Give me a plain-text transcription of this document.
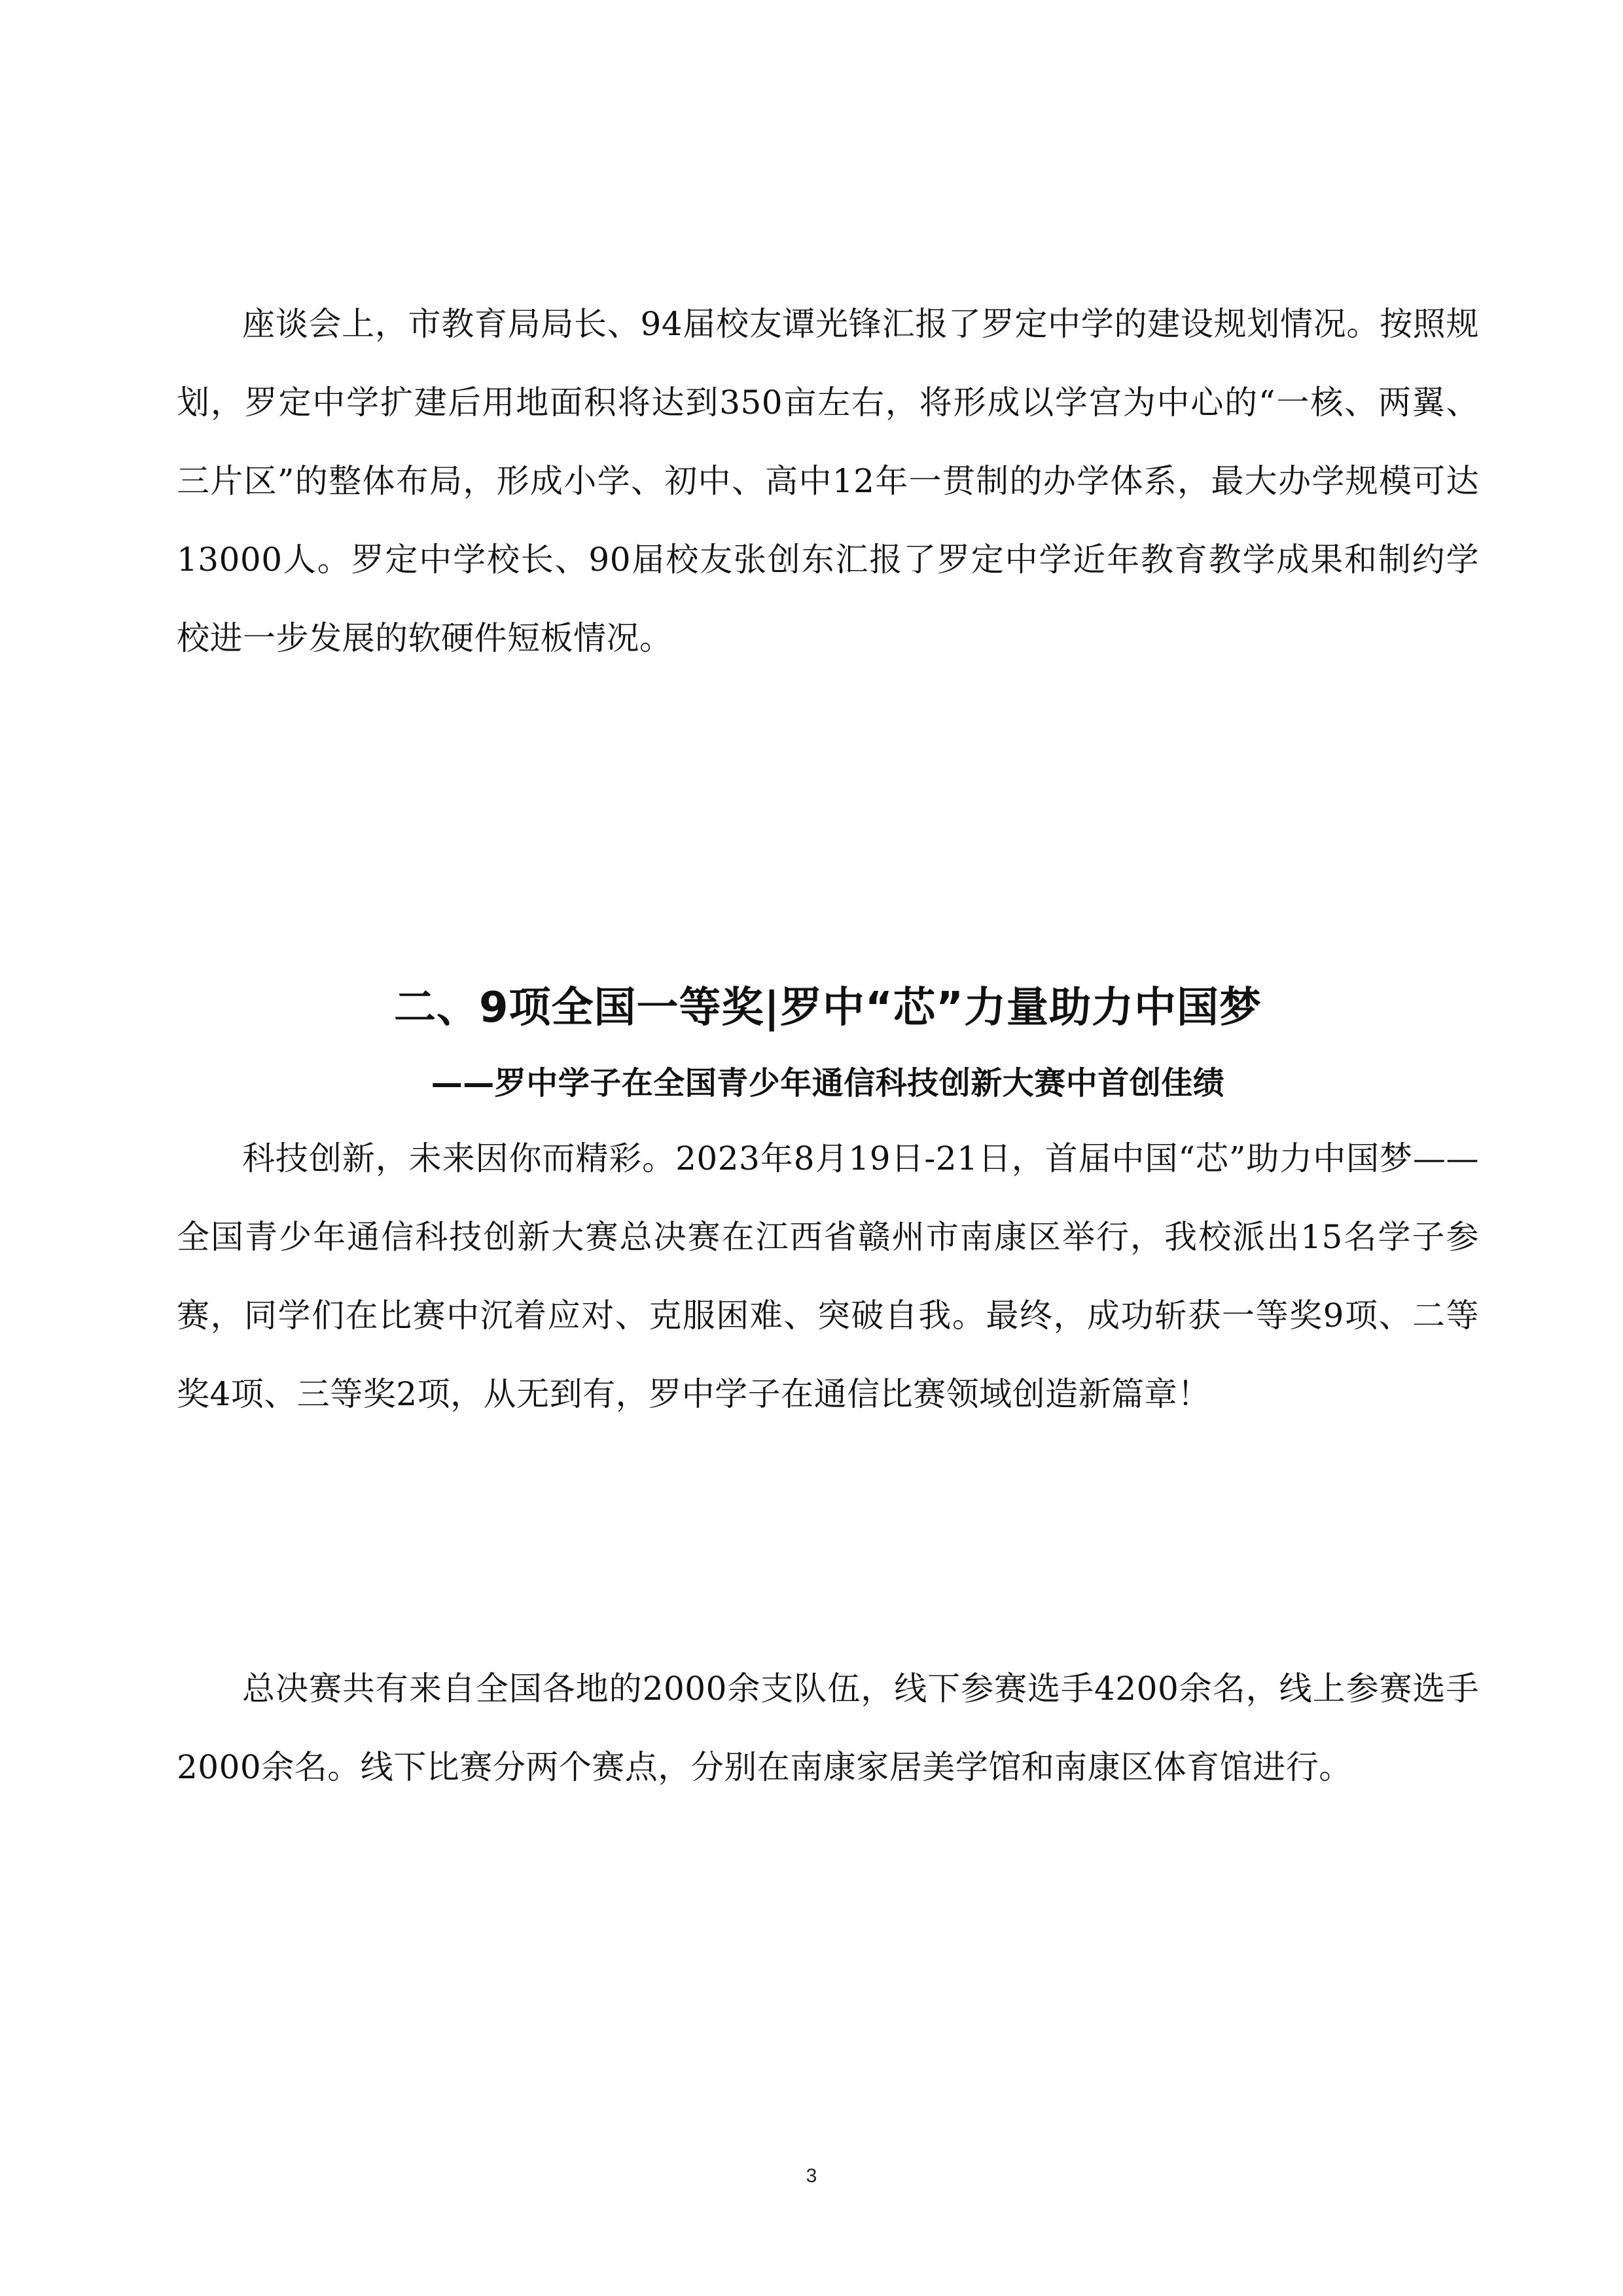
座谈会上，市教育局局长、94届校友谭光锋汇报了罗定中学的建设规划情况。按照规划，罗定中学扩建后用地面积将达到350亩左右，将形成以学宫为中心的“一核、两翼、三片区”的整体布局，形成小学、初中、高中12年一贯制的办学体系，最大办学规模可达13000人。罗定中学校长、90届校友张创东汇报了罗定中学近年教育教学成果和制约学校进一步发展的软硬件短板情况。

二、9项全国一等奖|罗中“芯”力量助力中国梦
——罗中学子在全国青少年通信科技创新大赛中首创佳绩

科技创新，未来因你而精彩。2023年8月19日-21日，首届中国“芯”助力中国梦——全国青少年通信科技创新大赛总决赛在江西省赣州市南康区举行，我校派出15名学子参赛，同学们在比赛中沉着应对、克服困难、突破自我。最终，成功斩获一等奖9项、二等奖4项、三等奖2项，从无到有，罗中学子在通信比赛领域创造新篇章！

总决赛共有来自全国各地的2000余支队伍，线下参赛选手4200余名，线上参赛选手2000余名。线下比赛分两个赛点，分别在南康家居美学馆和南康区体育馆进行。

3
